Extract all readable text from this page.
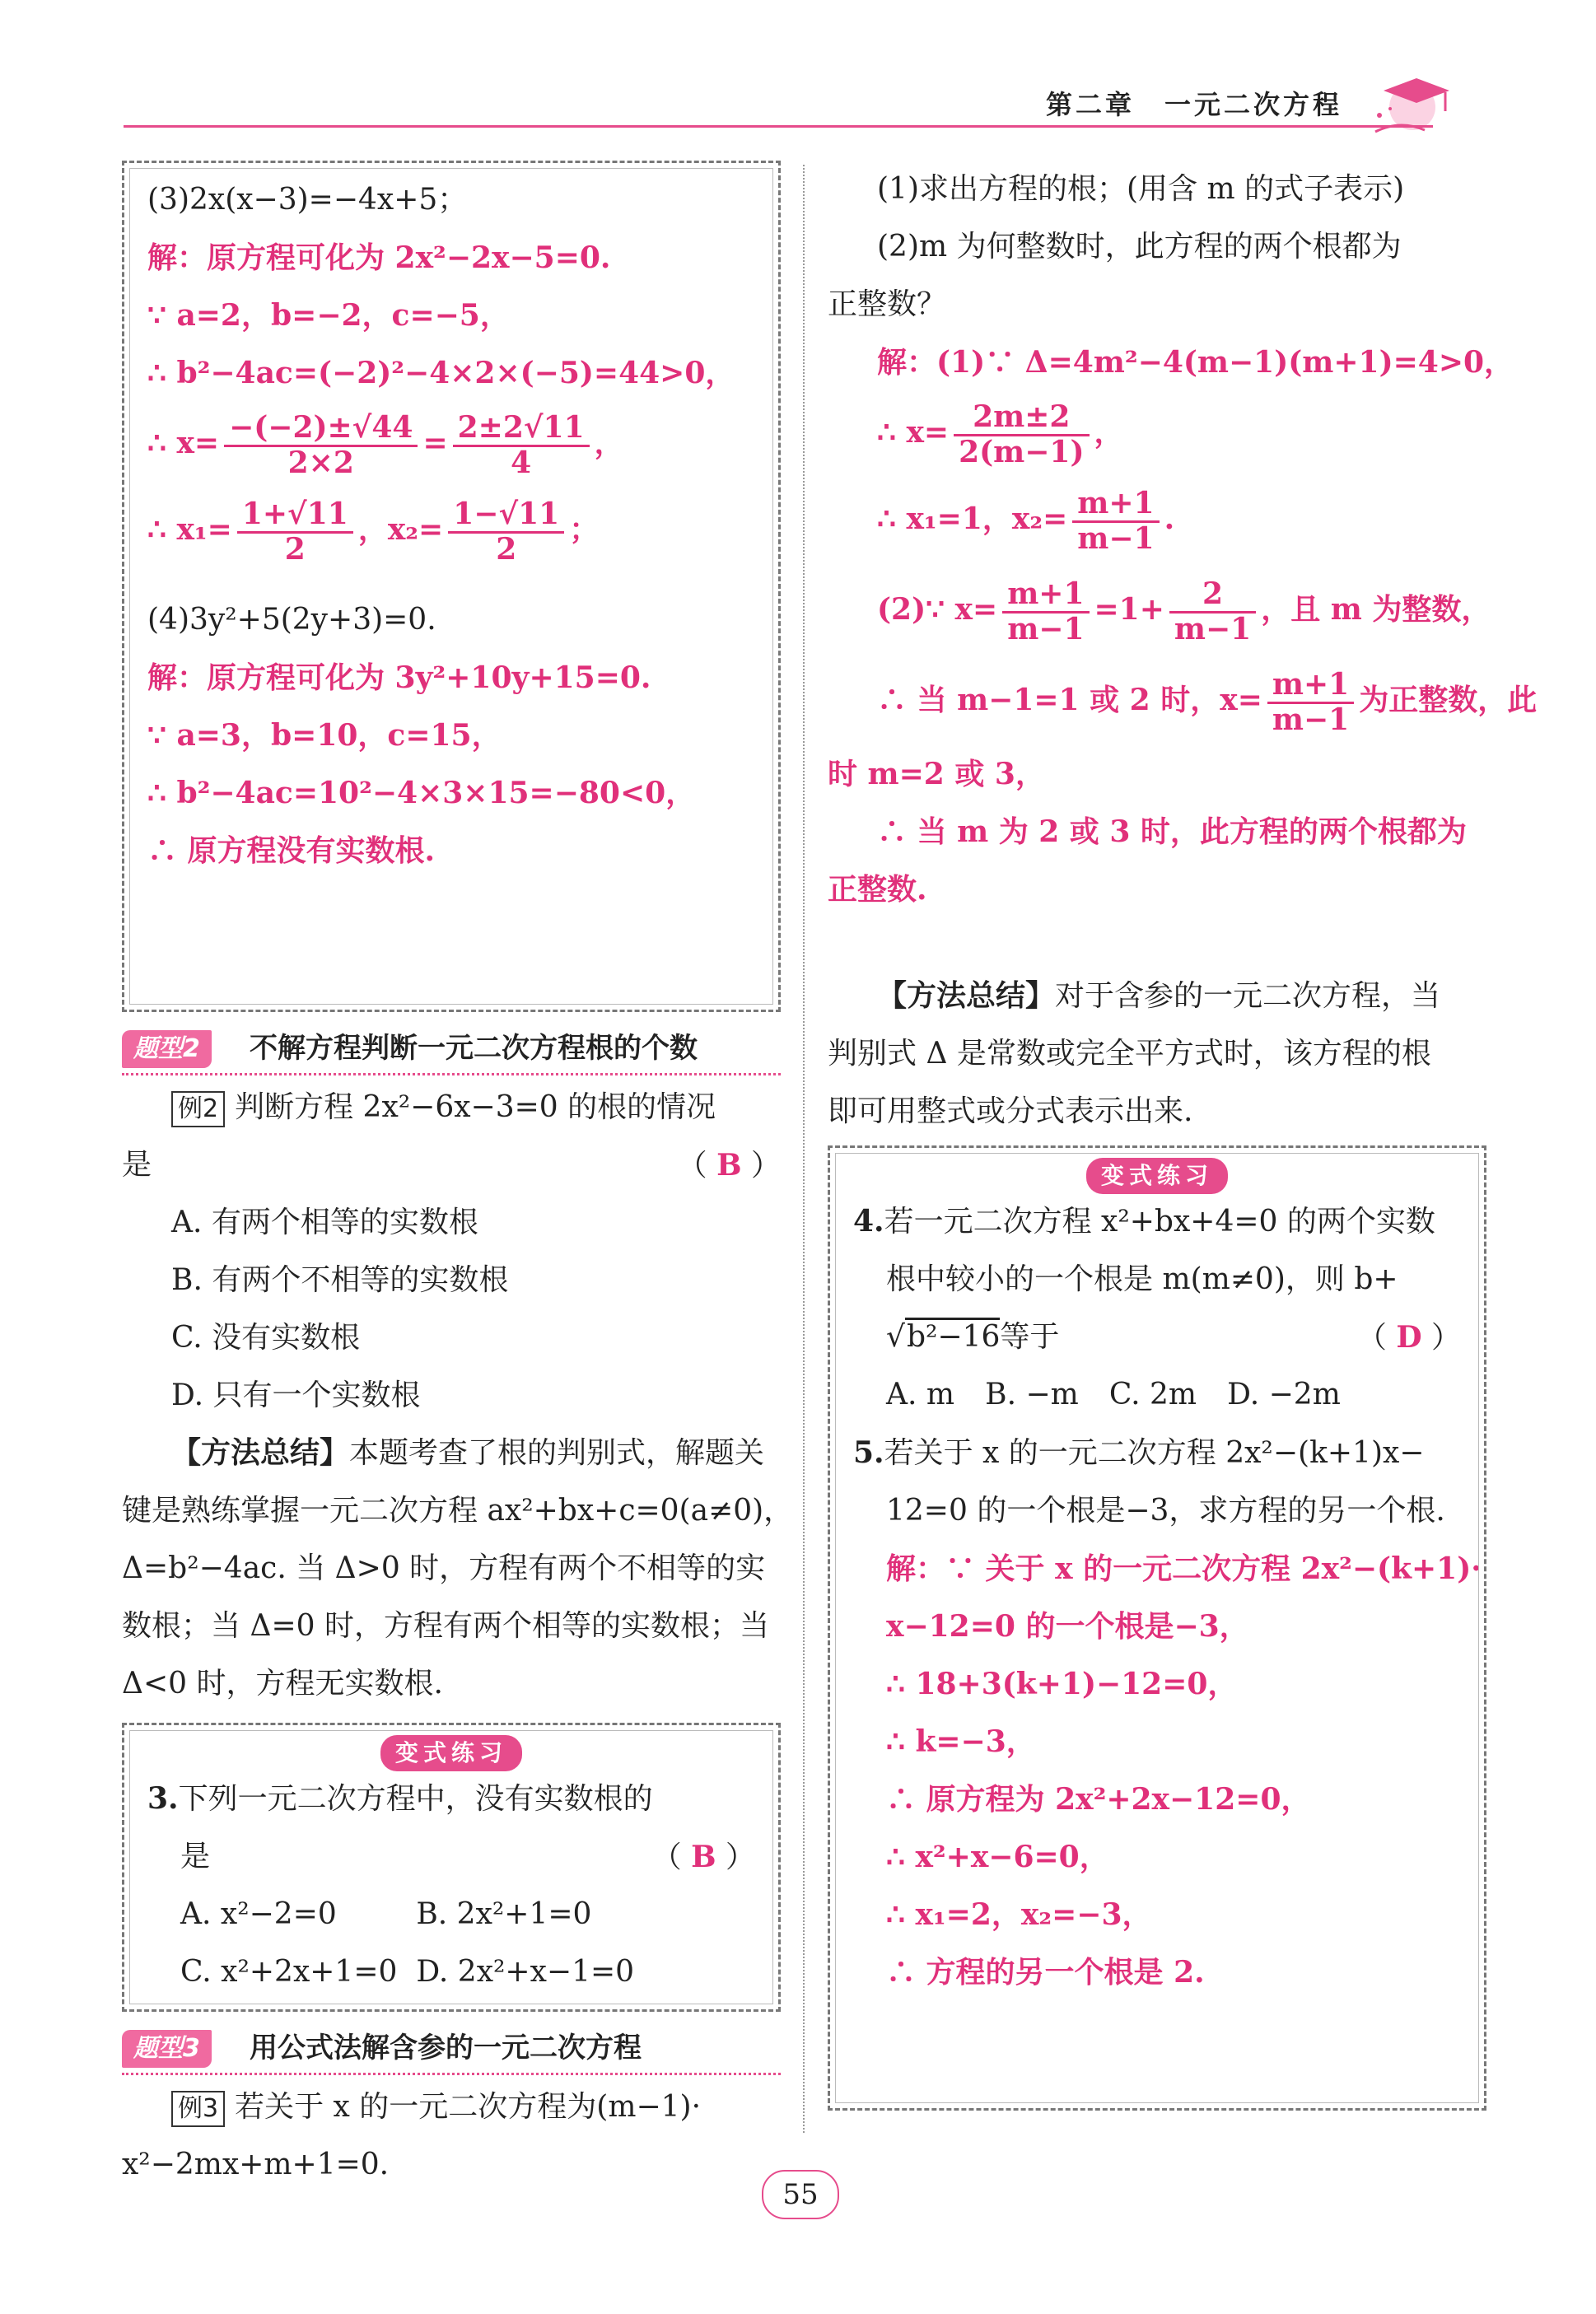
第二章　一元二次方程
(3)2x(x−3)=−4x+5；
解：原方程可化为 2x²−2x−5=0.
∵ a=2，b=−2，c=−5，
∴ b²−4ac=(−2)²−4×2×(−5)=44>0，
∴ $x= \frac{-(-2)\pm√44}{2\times 2} = \frac{2\pm 2√11}{4}$ ，
∴ $x_1= \frac{1+√11}{2}$ ，$x_2= \frac{1-√11}{2}$ ；
(4)3y²+5(2y+3)=0.
解：原方程可化为 3y²+10y+15=0.
∵ a=3，b=10，c=15，
∴ b²−4ac=10²−4×3×15=−80<0，
∴ 原方程没有实数根.
题型2	不解方程判断一元二次方程根的个数
例2 判断方程 2x²−6x−3=0 的根的情况
是	（ B ）
A. 有两个相等的实数根
B. 有两个不相等的实数根
C. 没有实数根
D. 只有一个实数根
【方法总结】本题考查了根的判别式，解题关
键是熟练掌握一元二次方程 ax²+bx+c=0(a≠0)，
Δ=b²−4ac. 当 Δ>0 时，方程有两个不相等的实
数根；当 Δ=0 时，方程有两个相等的实数根；当
Δ<0 时，方程无实数根.
变式练习
3.下列一元二次方程中，没有实数根的
是	（ B ）
A. x²−2=0	B. 2x²+1=0
C. x²+2x+1=0 D. 2x²+x−1=0
题型3	用公式法解含参的一元二次方程
例3 若关于 x 的一元二次方程为(m−1)·
x²−2mx+m+1=0.
(1)求出方程的根；(用含 m 的式子表示)
(2)m 为何整数时，此方程的两个根都为
正整数？
解：(1)∵ Δ=4m²−4(m−1)(m+1)=4>0，
∴ $x= \frac{2m\pm 2}{2(m-1)}$ ，
∴ x₁=1，$x_2= \frac{m+1}{m-1}$ .
(2)∵ $x= \frac{m+1}{m-1} =1+ \frac{2}{m-1}$ ，且 m 为整数，
∴ 当 m−1=1 或 2 时，$x= \frac{m+1}{m-1}$ 为正整数，此
时 m=2 或 3，
∴ 当 m 为 2 或 3 时，此方程的两个根都为
正整数.
【方法总结】对于含参的一元二次方程，当
判别式 Δ 是常数或完全平方式时，该方程的根
即可用整式或分式表示出来.
变式练习
4.若一元二次方程 x²+bx+4=0 的两个实数
根中较小的一个根是 m(m≠0)，则 b+
√b²−16等于	（ D ）
A. m B. −m C. 2m D. −2m
5.若关于 x 的一元二次方程 2x²−(k+1)x−
12=0 的一个根是−3，求方程的另一个根.
解：∵ 关于 x 的一元二次方程 2x²−(k+1)·
x−12=0 的一个根是−3，
∴ 18+3(k+1)−12=0，
∴ k=−3，
∴ 原方程为 2x²+2x−12=0，
∴ x²+x−6=0，
∴ x₁=2，x₂=−3，
∴ 方程的另一个根是 2.
55
